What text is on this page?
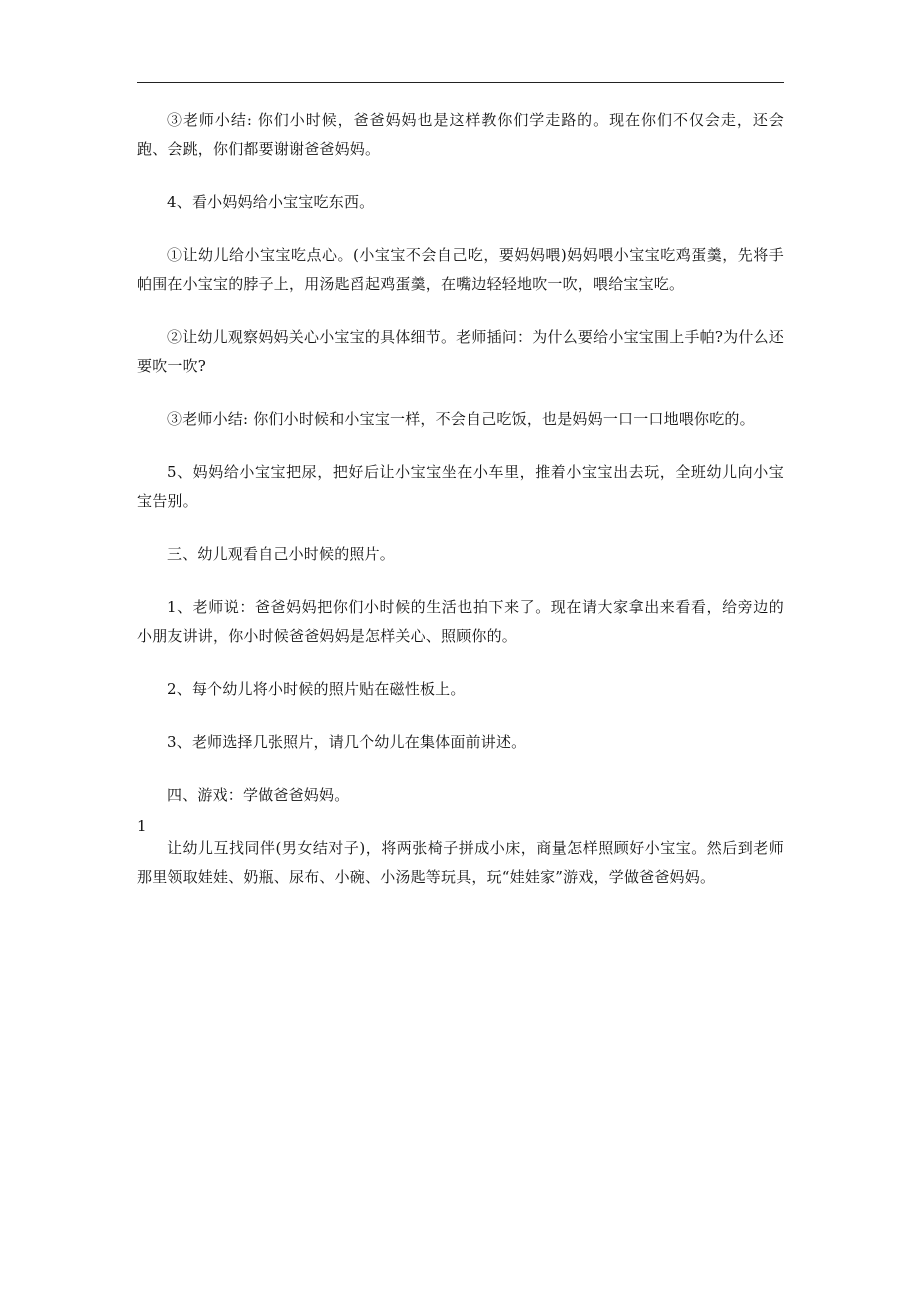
③老师小结: 你们小时候，爸爸妈妈也是这样教你们学走路的。现在你们不仅会走，还会跑、会跳，你们都要谢谢爸爸妈妈。

4、看小妈妈给小宝宝吃东西。

①让幼儿给小宝宝吃点心。(小宝宝不会自己吃，要妈妈喂)妈妈喂小宝宝吃鸡蛋羹，先将手帕围在小宝宝的脖子上，用汤匙舀起鸡蛋羹，在嘴边轻轻地吹一吹，喂给宝宝吃。

②让幼儿观察妈妈关心小宝宝的具体细节。老师插问：为什么要给小宝宝围上手帕?为什么还要吹一吹?

③老师小结: 你们小时候和小宝宝一样，不会自己吃饭，也是妈妈一口一口地喂你吃的。

5、妈妈给小宝宝把尿，把好后让小宝宝坐在小车里，推着小宝宝出去玩，全班幼儿向小宝宝告别。

三、幼儿观看自己小时候的照片。

1、老师说：爸爸妈妈把你们小时候的生活也拍下来了。现在请大家拿出来看看，给旁边的小朋友讲讲，你小时候爸爸妈妈是怎样关心、照顾你的。

2、每个幼儿将小时候的照片贴在磁性板上。

3、老师选择几张照片，请几个幼儿在集体面前讲述。

四、游戏：学做爸爸妈妈。

让幼儿互找同伴(男女结对子)，将两张椅子拼成小床，商量怎样照顾好小宝宝。然后到老师那里领取娃娃、奶瓶、尿布、小碗、小汤匙等玩具，玩“娃娃家”游戏，学做爸爸妈妈。

1
